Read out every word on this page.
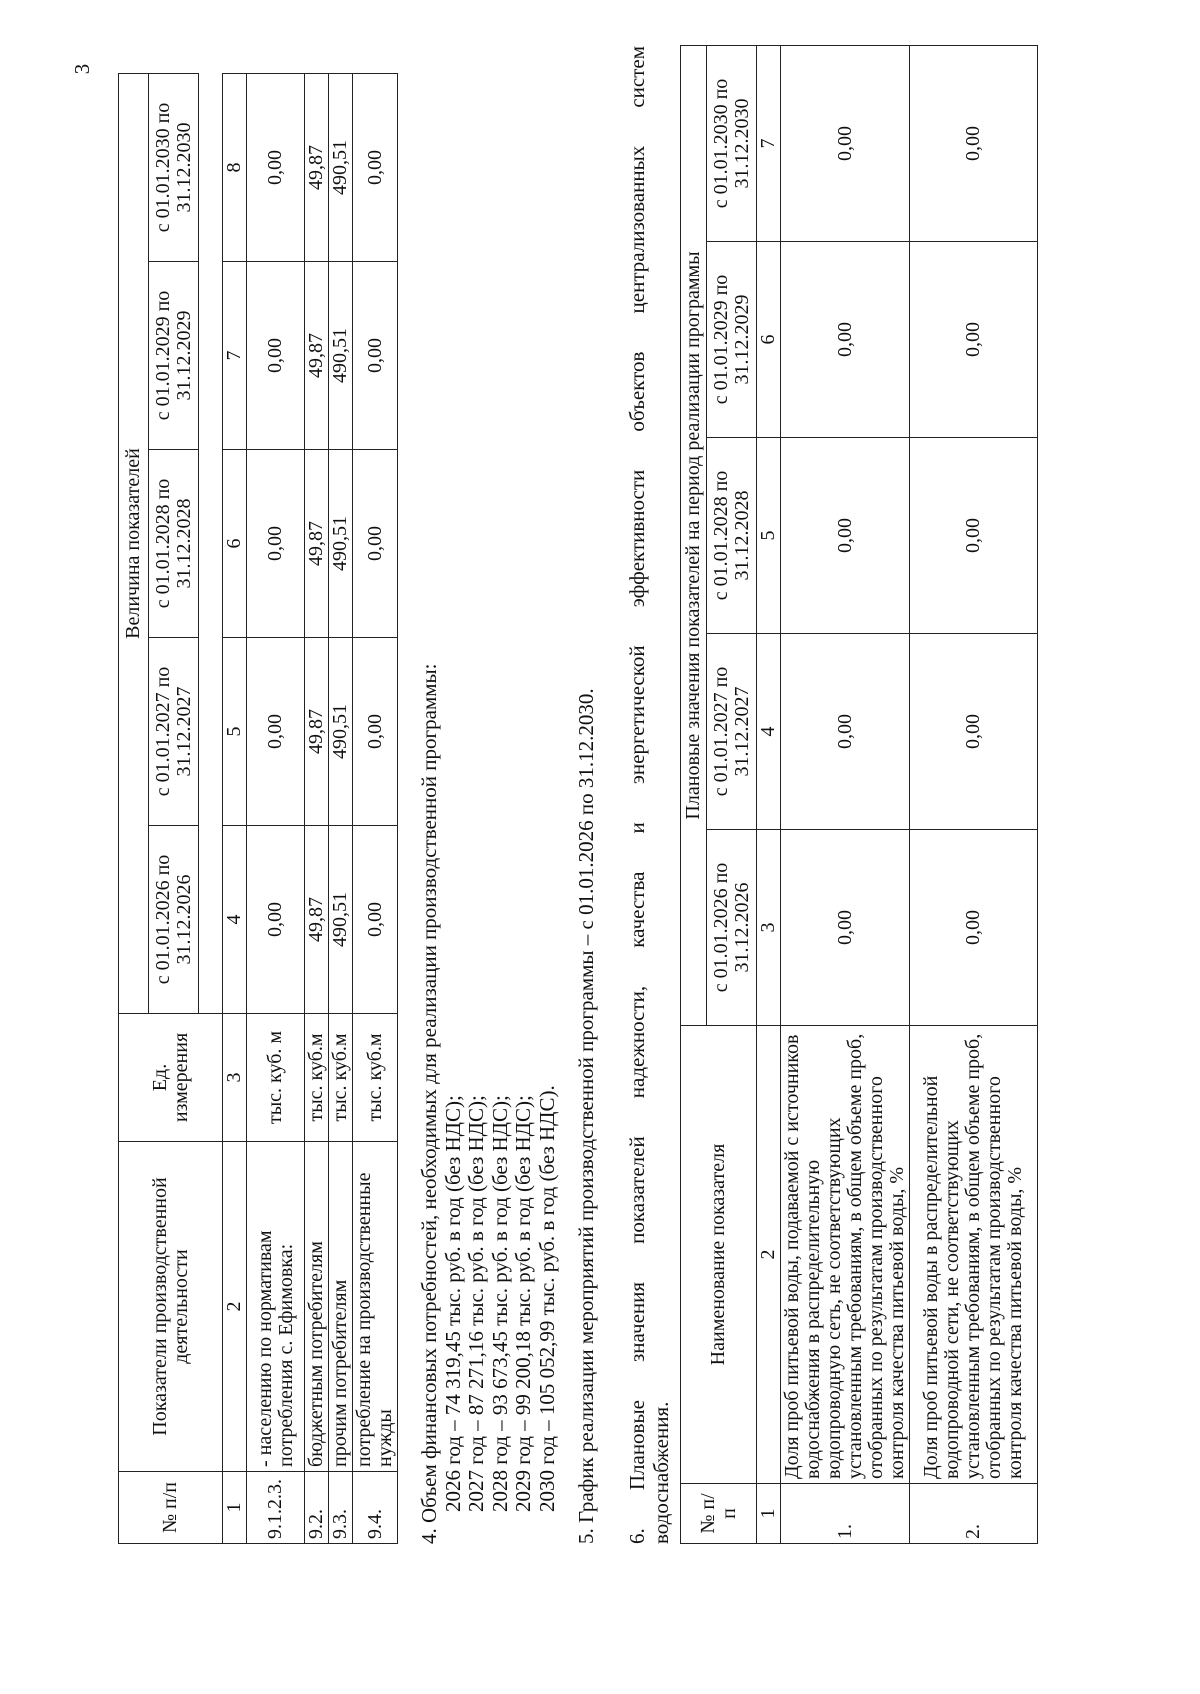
3
№ п/п	Показатели производственной деятельности	Ед. измерения	Величина показателей				
			с 01.01.2026 по 31.12.2026	с 01.01.2027 по 31.12.2027	с 01.01.2028 по 31.12.2028	с 01.01.2029 по 31.12.2029	с 01.01.2030 по 31.12.2030

1	2	3	4	5	6	7	8
9.1.2.3.	- населению по нормативам потребления с. Ефимовка:	тыс. куб. м	0,00	0,00	0,00	0,00	0,00
9.2.	бюджетным потребителям	тыс. куб.м	49,87	49,87	49,87	49,87	49,87
9.3.	прочим потребителям	тыс. куб.м	490,51	490,51	490,51	490,51	490,51
9.4.	потребление на производственные нужды	тыс. куб.м	0,00	0,00	0,00	0,00	0,00
4. Объем финансовых потребностей, необходимых для реализации производственной программы: 2026 год – 74 319,45 тыс. руб. в год (без НДС); 2027 год – 87 271,16 тыс. руб. в год (без НДС); 2028 год – 93 673,45 тыс. руб. в год (без НДС); 2029 год – 99 200,18 тыс. руб. в год (без НДС); 2030 год – 105 052,99 тыс. руб. в год (без НДС). 5. График реализации мероприятий производственной программы – с 01.01.2026 по 31.12.2030. 6. Плановые значения показателей надежности, качества и энергетической эффективности объектов централизованных систем водоснабжения. № п/п	Наименование показателя	Плановые значения показателей на период реализации программы				
		с 01.01.2026 по 31.12.2026	с 01.01.2027 по 31.12.2027	с 01.01.2028 по 31.12.2028	с 01.01.2029 по 31.12.2029	с 01.01.2030 по 31.12.2030
1	2	3	4	5	6	7
1.	Доля проб питьевой воды, подаваемой с источников водоснабжения в распределительную водопроводную сеть, не соответствующих установленным требованиям, в общем объеме проб, отобранных по результатам производственного контроля качества питьевой воды, %	0,00	0,00	0,00	0,00	0,00
2.	Доля проб питьевой воды в распределительной водопроводной сети, не соответствующих установленным требованиям, в общем объеме проб, отобранных по результатам производственного контроля качества питьевой воды, %	0,00	0,00	0,00	0,00	0,00
